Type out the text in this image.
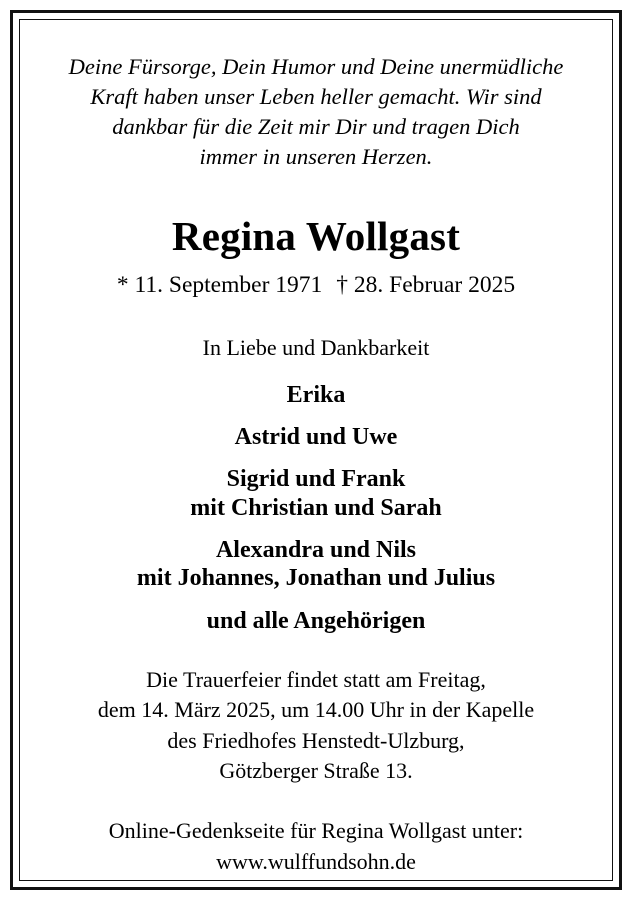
Deine Fürsorge, Dein Humor und Deine unermüdliche
Kraft haben unser Leben heller gemacht. Wir sind
dankbar für die Zeit mir Dir und tragen Dich
immer in unseren Herzen.
Regina Wollgast
* 11. September 1971 † 28. Februar 2025
In Liebe und Dankbarkeit
Erika
Astrid und Uwe
Sigrid und Frank
mit Christian und Sarah
Alexandra und Nils
mit Johannes, Jonathan und Julius
und alle Angehörigen
Die Trauerfeier findet statt am Freitag,
dem 14. März 2025, um 14.00 Uhr in der Kapelle
des Friedhofes Henstedt-Ulzburg,
Götzberger Straße 13.
Online-Gedenkseite für Regina Wollgast unter:
www.wulffundsohn.de
